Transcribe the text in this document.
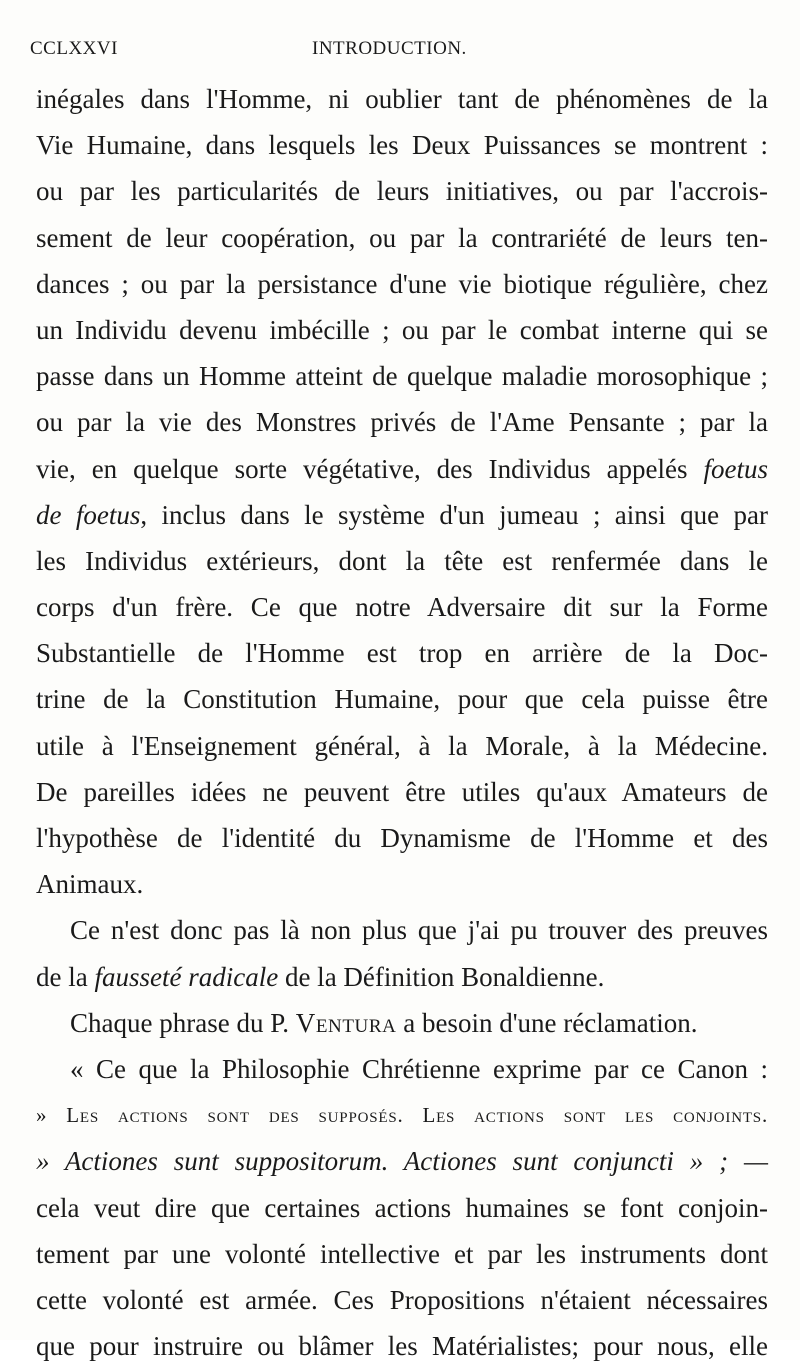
CCLXXVI	INTRODUCTION.
inégales dans l'Homme, ni oublier tant de phénomènes de la
Vie Humaine, dans lesquels les Deux Puissances se montrent :
ou par les particularités de leurs initiatives, ou par l'accrois-
sement de leur coopération, ou par la contrariété de leurs ten-
dances ; ou par la persistance d'une vie biotique régulière, chez
un Individu devenu imbécille ; ou par le combat interne qui se
passe dans un Homme atteint de quelque maladie morosophique ;
ou par la vie des Monstres privés de l'Ame Pensante ; par la
vie, en quelque sorte végétative, des Individus appelés foetus
de foetus, inclus dans le système d'un jumeau ; ainsi que par
les Individus extérieurs, dont la tête est renfermée dans le
corps d'un frère. Ce que notre Adversaire dit sur la Forme
Substantielle de l'Homme est trop en arrière de la Doc-
trine de la Constitution Humaine, pour que cela puisse être
utile à l'Enseignement général, à la Morale, à la Médecine.
De pareilles idées ne peuvent être utiles qu'aux Amateurs de
l'hypothèse de l'identité du Dynamisme de l'Homme et des
Animaux.
Ce n'est donc pas là non plus que j'ai pu trouver des preuves
de la fausseté radicale de la Définition Bonaldienne.
Chaque phrase du P. Ventura a besoin d'une réclamation.
« Ce que la Philosophie Chrétienne exprime par ce Canon :
» Les actions sont des supposés. Les actions sont les conjoints.
» Actiones sunt suppositorum. Actiones sunt conjuncti » ; —
cela veut dire que certaines actions humaines se font conjoin-
tement par une volonté intellective et par les instruments dont
cette volonté est armée. Ces Propositions n'étaient nécessaires
que pour instruire ou blâmer les Matérialistes; pour nous, elle
